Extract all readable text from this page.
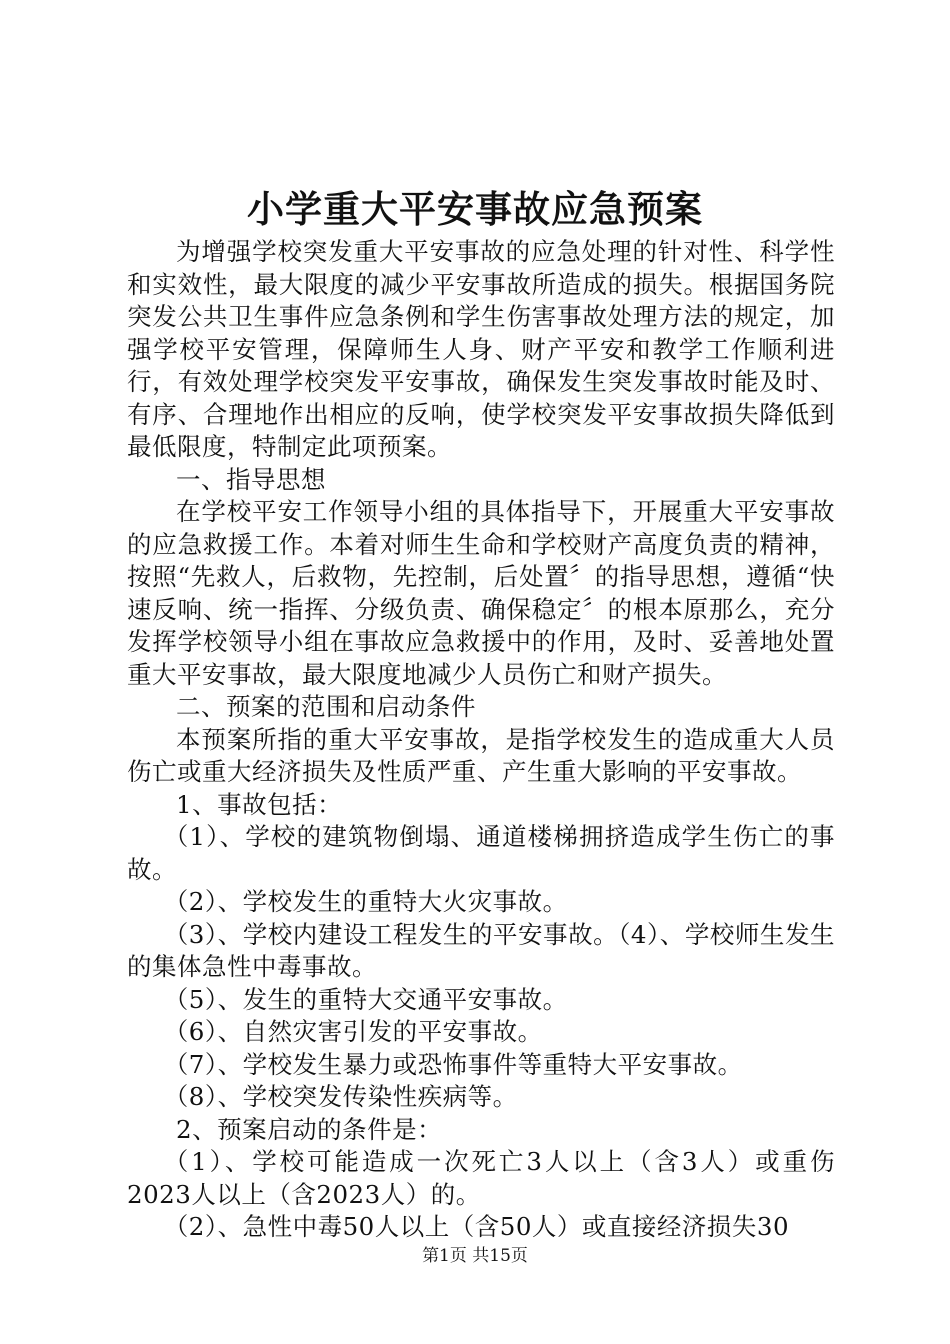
小学重大平安事故应急预案

为增强学校突发重大平安事故的应急处理的针对性、科学性和实效性，最大限度的减少平安事故所造成的损失。根据国务院突发公共卫生事件应急条例和学生伤害事故处理方法的规定，加强学校平安管理，保障师生人身、财产平安和教学工作顺利进行，有效处理学校突发平安事故，确保发生突发事故时能及时、有序、合理地作出相应的反响，使学校突发平安事故损失降低到最低限度，特制定此项预案。

一、指导思想

在学校平安工作领导小组的具体指导下，开展重大平安事故的应急救援工作。本着对师生生命和学校财产高度负责的精神，按照“先救人，后救物，先控制，后处置〞的指导思想，遵循“快速反响、统一指挥、分级负责、确保稳定〞的根本原那么，充分发挥学校领导小组在事故应急救援中的作用，及时、妥善地处置重大平安事故，最大限度地减少人员伤亡和财产损失。

二、预案的范围和启动条件

本预案所指的重大平安事故，是指学校发生的造成重大人员伤亡或重大经济损失及性质严重、产生重大影响的平安事故。

1、事故包括：

（1）、学校的建筑物倒塌、通道楼梯拥挤造成学生伤亡的事故。

（2）、学校发生的重特大火灾事故。

（3）、学校内建设工程发生的平安事故。（4）、学校师生发生的集体急性中毒事故。

（5）、发生的重特大交通平安事故。

（6）、自然灾害引发的平安事故。

（7）、学校发生暴力或恐怖事件等重特大平安事故。

（8）、学校突发传染性疾病等。

2、预案启动的条件是：

（1）、学校可能造成一次死亡3人以上（含3人）或重伤2023人以上（含2023人）的。

（2）、急性中毒50人以上（含50人）或直接经济损失30

第1页 共15页
